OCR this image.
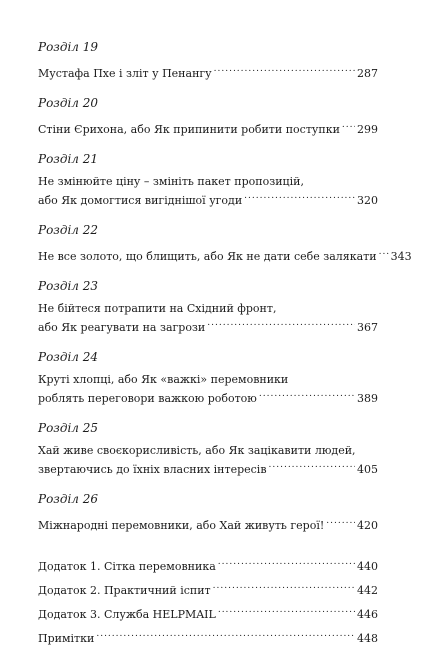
Розділ 19
Мустафа Пхе і зліт у Пенангу .....	287
Розділ 20
Стіни Єрихона, або Як припинити робити поступки ..... 299
Розділ 21
Не змінюйте ціну – змініть пакет пропозицій,
або Як домогтися вигіднішої угоди .....	320
Розділ 22
Не все золото, що блищить, або Як не дати себе залякати ..... 343
Розділ 23
Не бійтеся потрапити на Східний фронт,
або Як реагувати на загрози .....	367
Розділ 24
Круті хлопці, або Як «важкі» перемовники
роблять переговори важкою роботою .....	389
Розділ 25
Хай живе своєкорисливість, або Як зацікавити людей,
звертаючись до їхніх власних інтересів .....	405
Розділ 26
Міжнародні перемовники, або Хай живуть герої! .....	420
Додаток 1. Сітка перемовника .....	440
Додаток 2. Практичний іспит .....	442
Додаток 3. Служба HELPMAIL .....	446
Примітки .....	448
